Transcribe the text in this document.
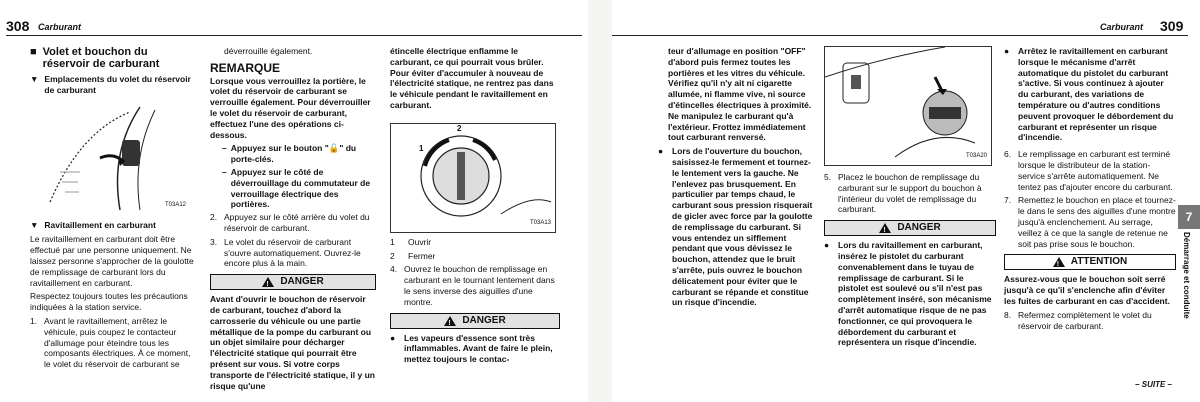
308 Carburant
■ Volet et bouchon du réservoir de carburant
▼ Emplacements du volet du réservoir de carburant
T03A12
▼ Ravitaillement en carburant

Le ravitaillement en carburant doit être effectué par une personne uniquement. Ne laissez personne s'approcher de la goulotte de remplissage de carburant lors du ravitaillement en carburant.

Respectez toujours toutes les précautions indiquées à la station service.

1. Avant le ravitaillement, arrêtez le véhicule, puis coupez le contacteur d'allumage pour éteindre tous les composants électriques. À ce moment, le volet du réservoir de carburant se

déverrouille également.

REMARQUE

Lorsque vous verrouillez la portière, le volet du réservoir de carburant se verrouille également. Pour déverrouiller le volet du réservoir de carburant, effectuez l'une des opérations ci-dessous.

– Appuyez sur le bouton "🔓" du porte-clés.
– Appuyez sur le côté de déverrouillage du commutateur de verrouillage électrique des portières.
2. Appuyez sur le côté arrière du volet du réservoir de carburant.
3. Le volet du réservoir de carburant s'ouvre automatiquement. Ouvrez-le encore plus à la main.
! DANGER

Avant d'ouvrir le bouchon de réservoir de carburant, touchez d'abord la carrosserie du véhicule ou une partie métallique de la pompe du carburant ou un objet similaire pour décharger l'électricité statique qui pourrait être présent sur vous. Si votre corps transporte de l'électricité statique, il y un risque qu'une

étincelle électrique enflamme le carburant, ce qui pourrait vous brûler. Pour éviter d'accumuler à nouveau de l'électricité statique, ne rentrez pas dans le véhicule pendant le ravitaillement en carburant.

1
2
T03A13
1	Ouvrir
2	Fermer
4. Ouvrez le bouchon de remplissage en carburant en le tournant lentement dans le sens inverse des aiguilles d'une montre.
! DANGER
●	Les vapeurs d'essence sont très inflammables. Avant de faire le plein, mettez toujours le contac-
Carburant 309

teur d'allumage en position "OFF" d'abord puis fermez toutes les portières et les vitres du véhicule. Vérifiez qu'il n'y ait ni cigarette allumée, ni flamme vive, ni source d'étincelles électriques à proximité. Ne manipulez le carburant qu'à l'extérieur. Frottez immédiatement tout carburant renversé.

●	Lors de l'ouverture du bouchon, saisissez-le fermement et tournez-le lentement vers la gauche. Ne l'enlevez pas brusquement. En particulier par temps chaud, le carburant sous pression risquerait de gicler avec force par la goulotte de remplissage du carburant. Si vous entendez un sifflement pendant que vous dévissez le bouchon, attendez que le bruit s'arrête, puis ouvrez le bouchon délicatement pour éviter que le carburant se répande et constitue un risque d'incendie.
T03A20
5. Placez le bouchon de remplissage du carburant sur le support du bouchon à l'intérieur du volet de remplissage du carburant.
! DANGER
●	Lors du ravitaillement en carburant, insérez le pistolet du carburant convenablement dans le tuyau de remplissage de carburant. Si le pistolet est soulevé ou s'il n'est pas complètement inséré, son mécanisme d'arrêt automatique risque de ne pas fonctionner, ce qui provoquera le débordement du carburant et représentera un risque d'incendie.
●	Arrêtez le ravitaillement en carburant lorsque le mécanisme d'arrêt automatique du pistolet du carburant s'active. Si vous continuez à ajouter du carburant, des variations de température ou d'autres conditions peuvent provoquer le débordement du carburant et représenter un risque d'incendie.
6. Le remplissage en carburant est terminé lorsque le distributeur de la station-service s'arrête automatiquement. Ne tentez pas d'ajouter encore du carburant.
7. Remettez le bouchon en place et tournez-le dans le sens des aiguilles d'une montre jusqu'à enclenchement. Au serrage, veillez à ce que la sangle de retenue ne soit pas prise sous le bouchon.
! ATTENTION

Assurez-vous que le bouchon soit serré jusqu'à ce qu'il s'enclenche afin d'éviter les fuites de carburant en cas d'accident.

8. Refermez complètement le volet du réservoir de carburant.
– SUITE –
7
Démarrage et conduite
